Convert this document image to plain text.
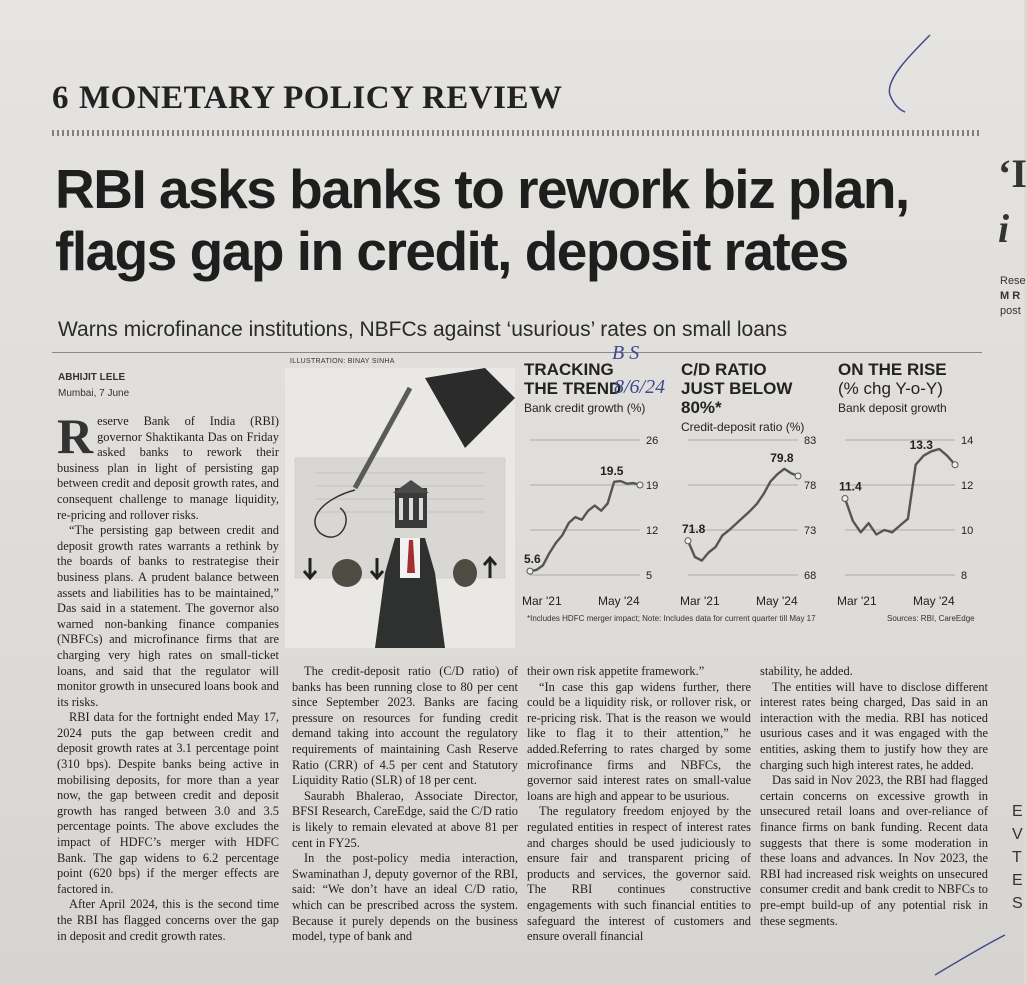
6 MONETARY POLICY REVIEW
RBI asks banks to rework biz plan,
flags gap in credit, deposit rates
Warns microfinance institutions, NBFCs against ‘usurious’ rates on small loans
ABHIJIT LELE
Mumbai, 7 June

Reserve Bank of India (RBI) governor Shaktikanta Das on Friday asked banks to rework their business plan in light of persisting gap between credit and deposit growth rates, and consequent challenge to manage liquidity, re-pricing and rollover risks.

“The persisting gap between credit and deposit growth rates warrants a rethink by the boards of banks to restrategise their business plans. A prudent balance between assets and liabilities has to be maintained,” Das said in a statement. The governor also warned non-banking finance companies (NBFCs) and microfinance firms that are charging very high rates on small-ticket loans, and said that the regulator will monitor growth in unsecured loans book and its risks.

RBI data for the fortnight ended May 17, 2024 puts the gap between credit and deposit growth rates at 3.1 percentage point (310 bps). Despite banks being active in mobilising deposits, for more than a year now, the gap between credit and deposit growth has ranged between 3.0 and 3.5 percentage points. The above excludes the impact of HDFC’s merger with HDFC Bank. The gap widens to 6.2 percentage point (620 bps) if the merger effects are factored in.

After April 2024, this is the second time the RBI has flagged concerns over the gap in deposit and credit growth rates.

ILLUSTRATION: BINAY SINHA	TRACKING THE TREND
Bank credit growth (%)
C/D RATIO JUST BELOW 80%*
Credit-deposit ratio (%)
ON THE RISE
(% chg Y-o-Y)
Bank deposit growth
5
12
19
26
5.6
19.5
Mar '21	May '24
68
73
78
83
71.8
79.8
Mar '21	May '24
8
10
12
14
11.4
13.3
Mar '21	May '24
*Includes HDFC merger impact; Note: Includes data for current quarter till May 17	Sources: RBI, CareEdge

The credit-deposit ratio (C/D ratio) of banks has been running close to 80 per cent since September 2023. Banks are facing pressure on resources for funding credit demand taking into account the regulatory requirements of maintaining Cash Reserve Ratio (CRR) of 4.5 per cent and Statutory Liquidity Ratio (SLR) of 18 per cent.

Saurabh Bhalerao, Associate Director, BFSI Research, CareEdge, said the C/D ratio is likely to remain elevated at above 81 per cent in FY25.

In the post-policy media interaction, Swaminathan J, deputy governor of the RBI, said: “We don’t have an ideal C/D ratio, which can be prescribed across the system. Because it purely depends on the business model, type of bank and

their own risk appetite framework.”

“In case this gap widens further, there could be a liquidity risk, or rollover risk, or re-pricing risk. That is the reason we would like to flag it to their attention,” he added.Referring to rates charged by some microfinance firms and NBFCs, the governor said interest rates on small-value loans are high and appear to be usurious.

The regulatory freedom enjoyed by the regulated entities in respect of interest rates and charges should be used judiciously to ensure fair and transparent pricing of products and services, the governor said. The RBI continues constructive engagements with such financial entities to safeguard the interest of customers and ensure overall financial

stability, he added.

The entities will have to disclose different interest rates being charged, Das said in an interaction with the media. RBI has noticed usurious cases and it was engaged with the entities, asking them to justify how they are charging such high interest rates, he added.

Das said in Nov 2023, the RBI had flagged certain concerns on excessive growth in unsecured retail loans and over-reliance of finance firms on bank funding. Recent data suggests that there is some moderation in these loans and advances. In Nov 2023, the RBI had increased risk weights on unsecured consumer credit and bank credit to NBFCs to pre-empt build-up of any potential risk in these segments.

B S
8/6/24
‘I
i
Rese
M R
post
E V T E S
